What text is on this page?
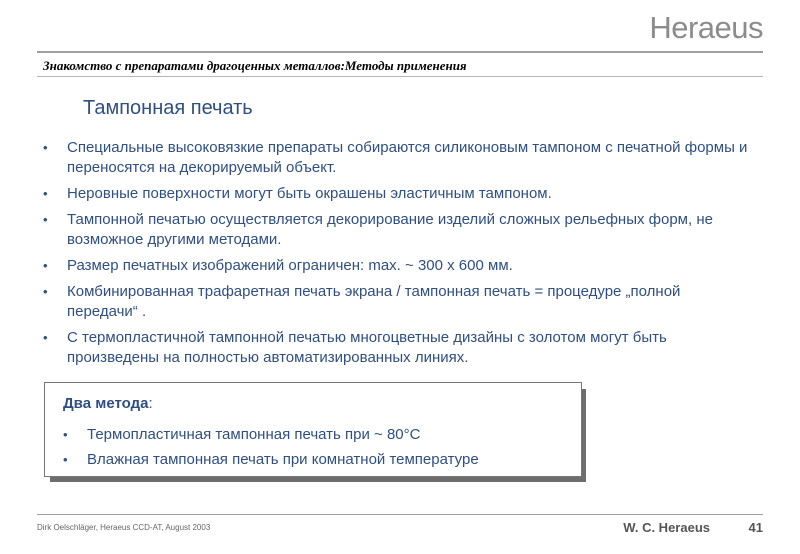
Heraeus
Знакомство с препаратами драгоценных металлов:Методы применения
Тампонная печать
• Специальные высоковязкие препараты собираются силиконовым тампоном с печатной формы и переносятся на декорируемый объект.
• Неровные поверхности могут быть окрашены эластичным тампоном.
• Тампонной печатью осуществляется декорирование изделий сложных рельефных форм, не возможное другими методами.
• Размер печатных изображений ограничен: max. ~ 300 х 600 мм.
• Комбинированная трафаретная печать экрана / тампонная печать = процедуре „полной передачи“ .
• С термопластичной тампонной печатью многоцветные дизайны с золотом могут быть произведены на полностью автоматизированных линиях.
Два метода:
• Термопластичная тампонная печать при ~ 80°C
• Влажная тампонная печать при комнатной температуре
Dirk Oelschläger, Heraeus CCD-AT, August 2003	W. C. Heraeus	41
